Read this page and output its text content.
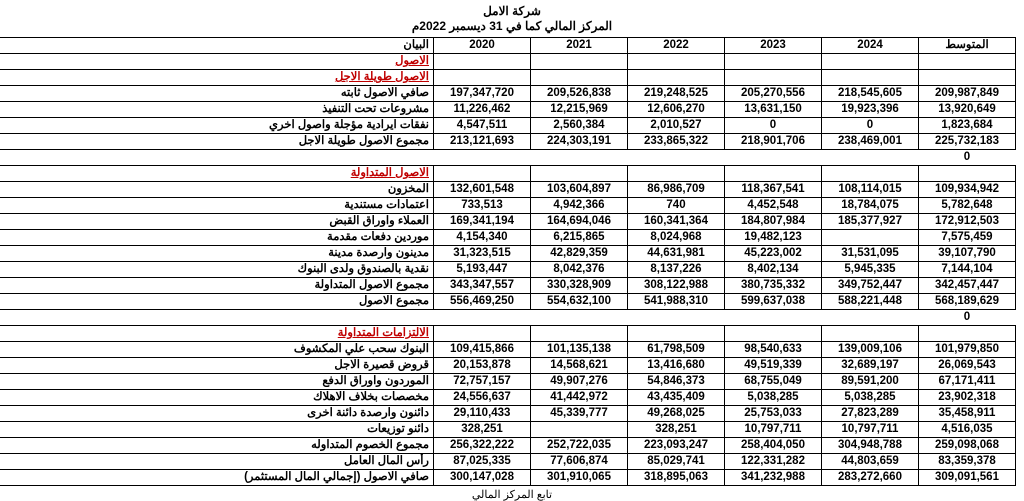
شركة الامل
المركز المالي كما في 31 ديسمبر 2022م
المتوسط	2024	2023	2022	2021	2020	البيان
						الاصول
						الاصول طويلة الاجل
209,987,849	218,545,605	205,270,556	219,248,525	209,526,838	197,347,720	صافي الاصول ثابته
13,920,649	19,923,396	13,631,150	12,606,270	12,215,969	11,226,462	مشروعات تحت التنفيذ
1,823,684	0	0	2,010,527	2,560,384	4,547,511	نفقات ايرادية مؤجلة واصول اخري
225,732,183	238,469,001	218,901,706	233,865,322	224,303,191	213,121,693	مجموع الاصول طويلة الاجل
0						
						الاصول المتداولة
109,934,942	108,114,015	118,367,541	86,986,709	103,604,897	132,601,548	المخزون
5,782,648	18,784,075	4,452,548	740	4,942,366	733,513	اعتمادات مستندية
172,912,503	185,377,927	184,807,984	160,341,364	164,694,046	169,341,194	العملاء واوراق القبض
7,575,459		19,482,123	8,024,968	6,215,865	4,154,340	موردين دفعات مقدمة
39,107,790	31,531,095	45,223,002	44,631,981	42,829,359	31,323,515	مدينون وارصدة مدينة
7,144,104	5,945,335	8,402,134	8,137,226	8,042,376	5,193,447	نقدية بالصندوق ولدى البنوك
342,457,447	349,752,447	380,735,332	308,122,988	330,328,909	343,347,557	مجموع الاصول المتداولة
568,189,629	588,221,448	599,637,038	541,988,310	554,632,100	556,469,250	مجموع الاصول
0						
						الالتزامات المتداولة
101,979,850	139,009,106	98,540,633	61,798,509	101,135,138	109,415,866	البنوك سحب علي المكشوف
26,069,543	32,689,197	49,519,339	13,416,680	14,568,621	20,153,878	قروض قصيرة الاجل
67,171,411	89,591,200	68,755,049	54,846,373	49,907,276	72,757,157	الموردون واوراق الدفع
23,902,318	5,038,285	5,038,285	43,435,409	41,442,972	24,556,637	مخصصات بخلاف الاهلاك
35,458,911	27,823,289	25,753,033	49,268,025	45,339,777	29,110,433	دائنون وارصدة دائنة اخرى
4,516,035	10,797,711	10,797,711	328,251		328,251	دائنو توزيعات
259,098,068	304,948,788	258,404,050	223,093,247	252,722,035	256,322,222	مجموع الخصوم المتداوله
83,359,378	44,803,659	122,331,282	85,029,741	77,606,874	87,025,335	رأس المال العامل
309,091,561	283,272,660	341,232,988	318,895,063	301,910,065	300,147,028	صافي الاصول (إجمالي المال المستثمر)
تابع المركز المالي
